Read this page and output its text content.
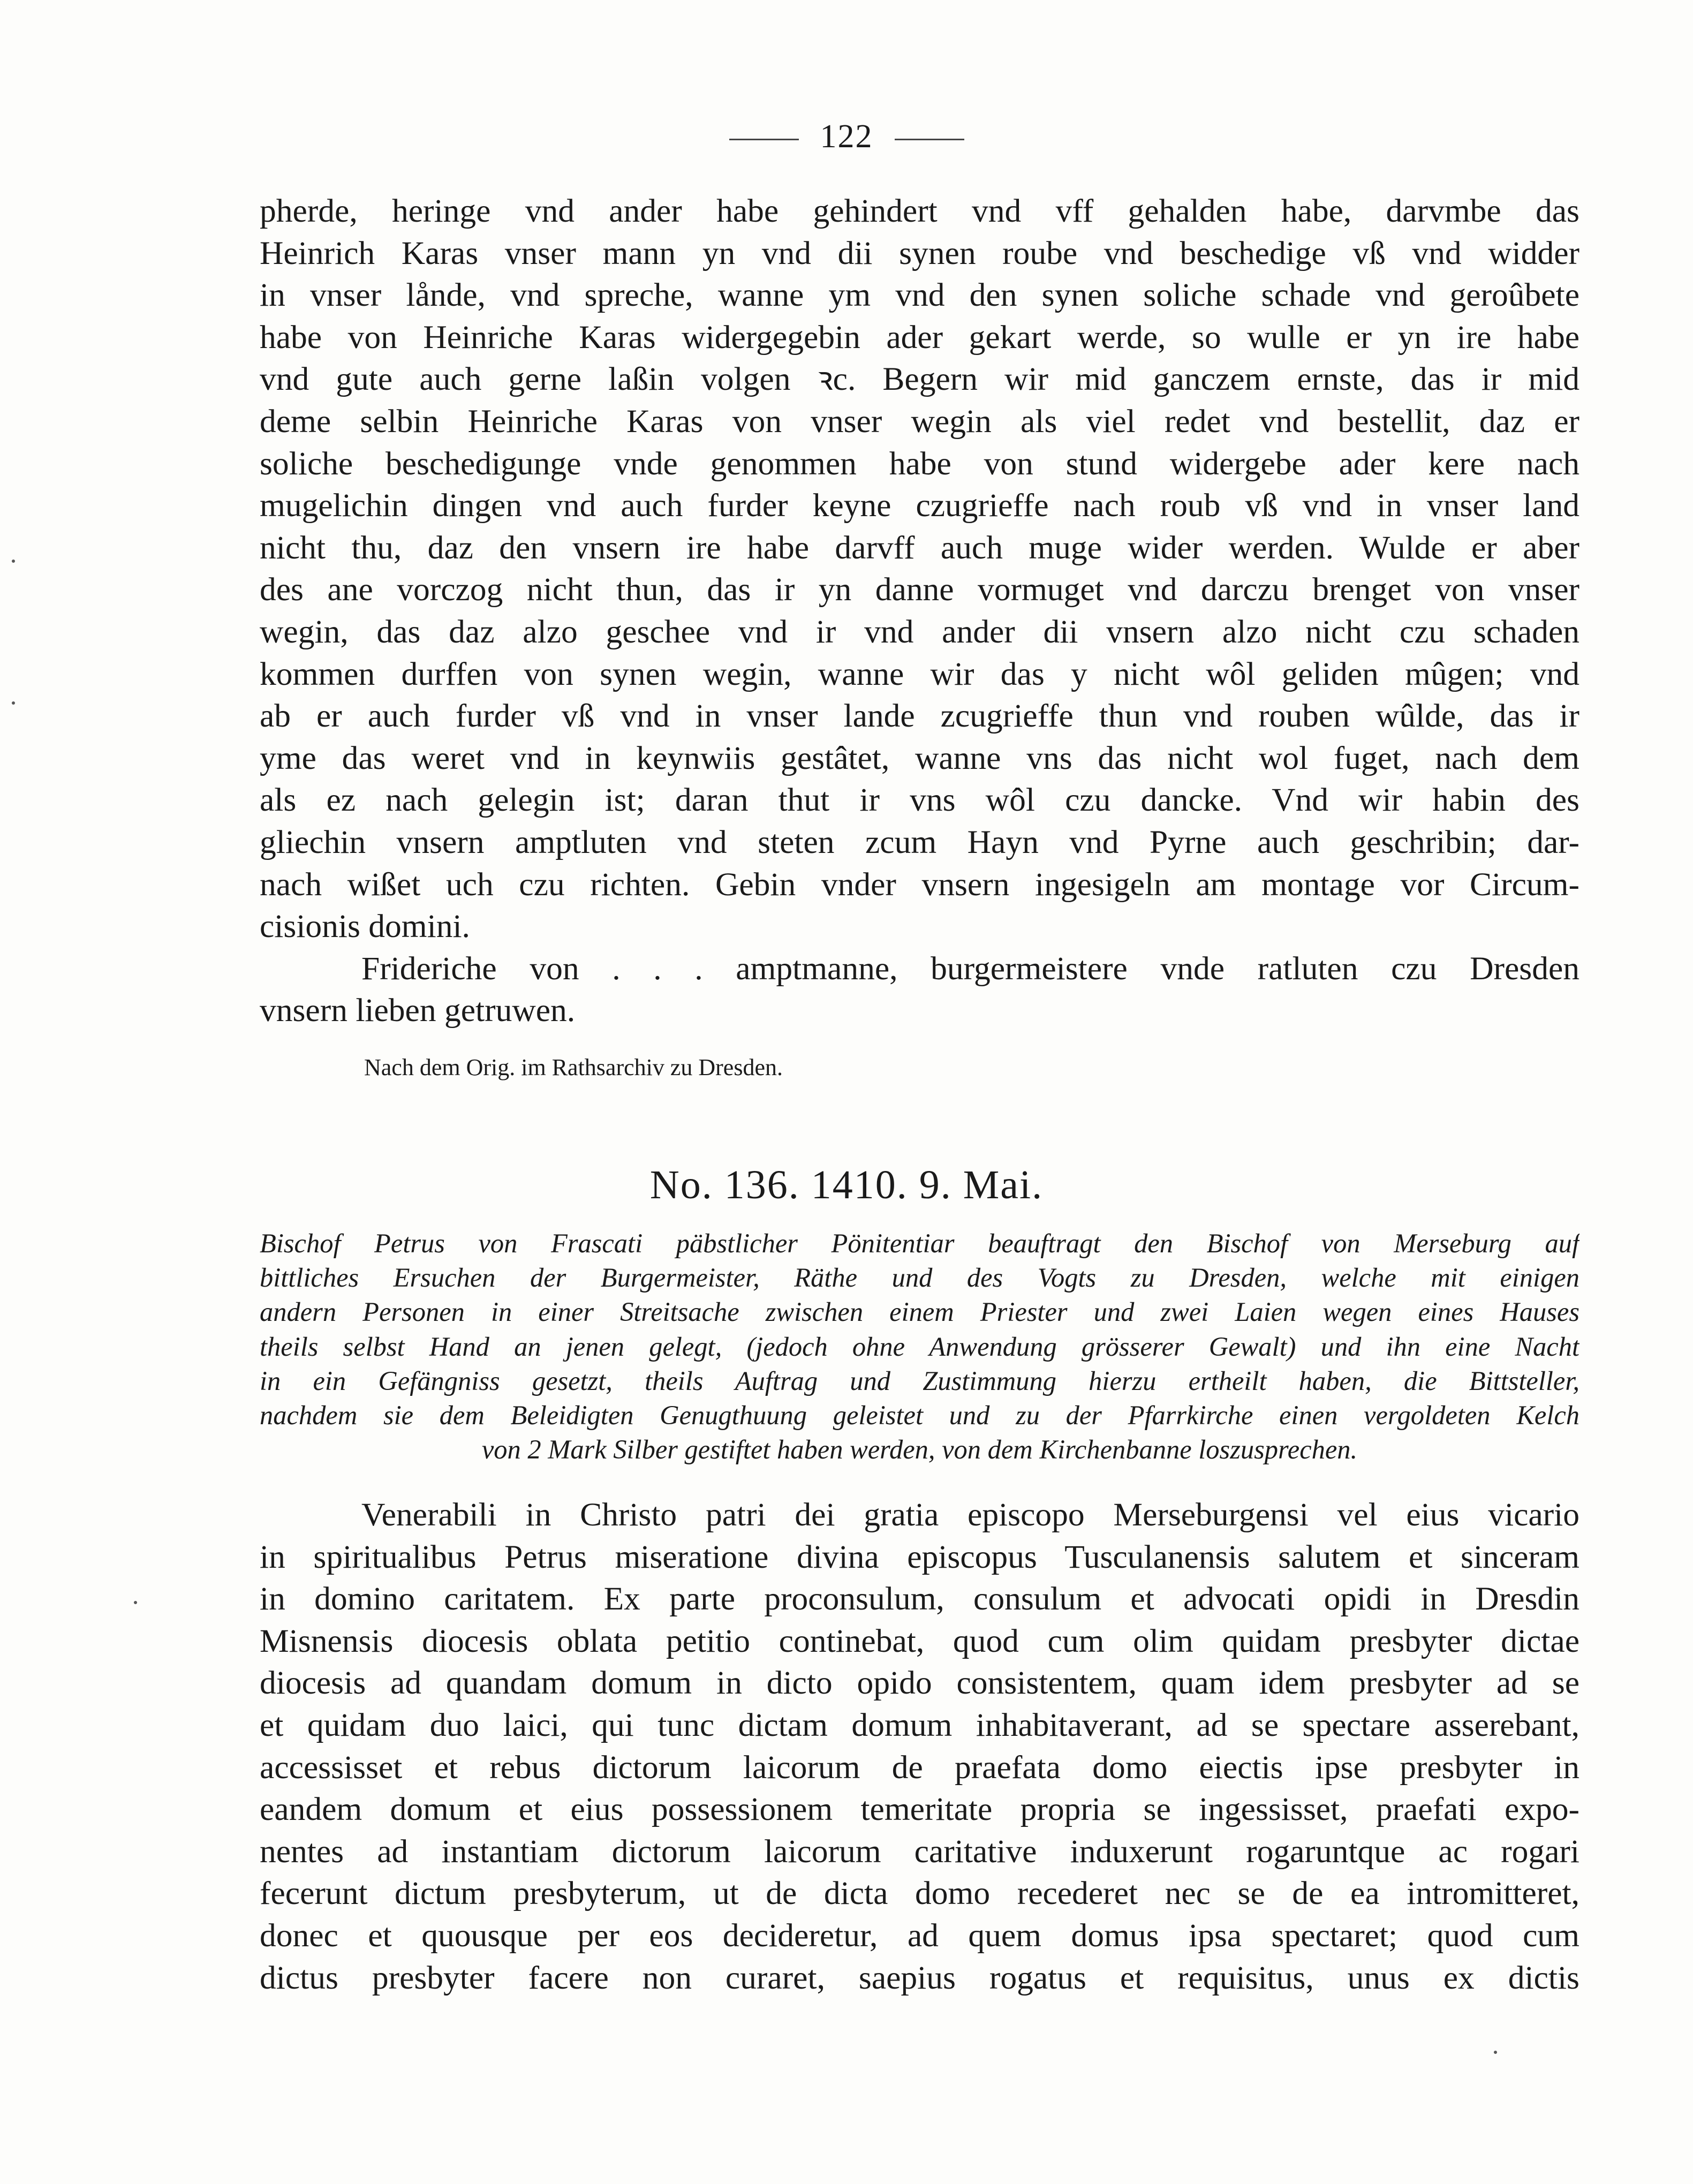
122
pherde, heringe vnd ander habe gehindert vnd vff gehalden habe, darvmbe das
Heinrich Karas vnser mann yn vnd dii synen roube vnd beschedige vß vnd widder
in vnser lånde, vnd spreche, wanne ym vnd den synen soliche schade vnd geroûbete
habe von Heinriche Karas widergegebin ader gekart werde, so wulle er yn ire habe
vnd gute auch gerne laßin volgen ꝛc. Begern wir mid ganczem ernste, das ir mid
deme selbin Heinriche Karas von vnser wegin als viel redet vnd bestellit, daz er
soliche beschedigunge vnde genommen habe von stund widergebe ader kere nach
mugelichin dingen vnd auch furder keyne czugrieffe nach roub vß vnd in vnser land
nicht thu, daz den vnsern ire habe darvff auch muge wider werden. Wulde er aber
des ane vorczog nicht thun, das ir yn danne vormuget vnd darczu brenget von vnser
wegin, das daz alzo geschee vnd ir vnd ander dii vnsern alzo nicht czu schaden
kommen durffen von synen wegin, wanne wir das y nicht wôl geliden mûgen; vnd
ab er auch furder vß vnd in vnser lande zcugrieffe thun vnd rouben wûlde, das ir
yme das weret vnd in keynwiis gestâtet, wanne vns das nicht wol fuget, nach dem
als ez nach gelegin ist; daran thut ir vns wôl czu dancke. Vnd wir habin des
gliechin vnsern amptluten vnd steten zcum Hayn vnd Pyrne auch geschribin; dar-
nach wißet uch czu richten. Gebin vnder vnsern ingesigeln am montage vor Circum-
cisionis domini.
Frideriche von . . . amptmanne, burgermeistere vnde ratluten czu Dresden
vnsern lieben getruwen.
Nach dem Orig. im Rathsarchiv zu Dresden.
No. 136. 1410. 9. Mai.
Bischof Petrus von Frascati päbstlicher Pönitentiar beauftragt den Bischof von Merseburg auf
bittliches Ersuchen der Burgermeister, Räthe und des Vogts zu Dresden, welche mit einigen
andern Personen in einer Streitsache zwischen einem Priester und zwei Laien wegen eines Hauses
theils selbst Hand an jenen gelegt, (jedoch ohne Anwendung grösserer Gewalt) und ihn eine Nacht
in ein Gefängniss gesetzt, theils Auftrag und Zustimmung hierzu ertheilt haben, die Bittsteller,
nachdem sie dem Beleidigten Genugthuung geleistet und zu der Pfarrkirche einen vergoldeten Kelch
von 2 Mark Silber gestiftet haben werden, von dem Kirchenbanne loszusprechen.
Venerabili in Christo patri dei gratia episcopo Merseburgensi vel eius vicario
in spiritualibus Petrus miseratione divina episcopus Tusculanensis salutem et sinceram
in domino caritatem. Ex parte proconsulum, consulum et advocati opidi in Dresdin
Misnensis diocesis oblata petitio continebat, quod cum olim quidam presbyter dictae
diocesis ad quandam domum in dicto opido consistentem, quam idem presbyter ad se
et quidam duo laici, qui tunc dictam domum inhabitaverant, ad se spectare asserebant,
accessisset et rebus dictorum laicorum de praefata domo eiectis ipse presbyter in
eandem domum et eius possessionem temeritate propria se ingessisset, praefati expo-
nentes ad instantiam dictorum laicorum caritative induxerunt rogaruntque ac rogari
fecerunt dictum presbyterum, ut de dicta domo recederet nec se de ea intromitteret,
donec et quousque per eos decideretur, ad quem domus ipsa spectaret; quod cum
dictus presbyter facere non curaret, saepius rogatus et requisitus, unus ex dictis
